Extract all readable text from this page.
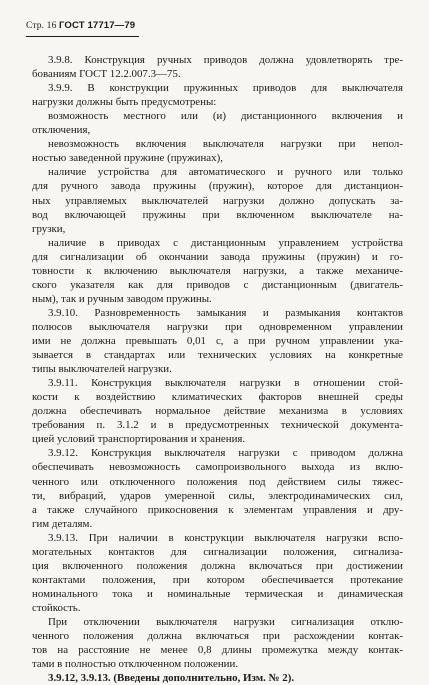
Стр. 16 ГОСТ 17717—79
3.9.8. Конструкция ручных приводов должна удовлетворять тре-
бованиям ГОСТ 12.2.007.3—75.
3.9.9. В конструкции пружинных приводов для выключателя
нагрузки должны быть предусмотрены:
возможность местного или (и) дистанционного включения и
отключения,
невозможность включения выключателя нагрузки при непол-
ностью заведенной пружине (пружинах),
наличие устройства для автоматического и ручного или только
для ручного завода пружины (пружин), которое для дистанцион-
ных управляемых выключателей нагрузки должно допускать за-
вод включающей пружины при включенном выключателе на-
грузки,
наличие в приводах с дистанционным управлением устройства
для сигнализации об окончании завода пружины (пружин) и го-
товности к включению выключателя нагрузки, а также механиче-
ского указателя как для приводов с дистанционным (двигатель-
ным), так и ручным заводом пружины.
3.9.10. Разновременность замыкания и размыкания контактов
полюсов выключателя нагрузки при одновременном управлении
ими не должна превышать 0,01 с, а при ручном управлении ука-
зывается в стандартах или технических условиях на конкретные
типы выключателей нагрузки.
3.9.11. Конструкция выключателя нагрузки в отношении стой-
кости к воздействию климатических факторов внешней среды
должна обеспечивать нормальное действие механизма в условиях
требования п. 3.1.2 и в предусмотренных технической документа-
цией условий транспортирования и хранения.
3.9.12. Конструкция выключателя нагрузки с приводом должна
обеспечивать невозможность самопроизвольного выхода из вклю-
ченного или отключенного положения под действием силы тяжес-
ти, вибраций, ударов умеренной силы, электродинамических сил,
а также случайного прикосновения к элементам управления и дру-
гим деталям.
3.9.13. При наличии в конструкции выключателя нагрузки вспо-
могательных контактов для сигнализации положения, сигнализа-
ция включенного положения должна включаться при достижении
контактами положения, при котором обеспечивается протекание
номинального тока и номинальные термическая и динамическая
стойкость.
При отключении выключателя нагрузки сигнализация отклю-
ченного положения должна включаться при расхождении контак-
тов на расстояние не менее 0,8 длины промежутка между контак-
тами в полностью отключенном положении.
3.9.12, 3.9.13. (Введены дополнительно, Изм. № 2).
